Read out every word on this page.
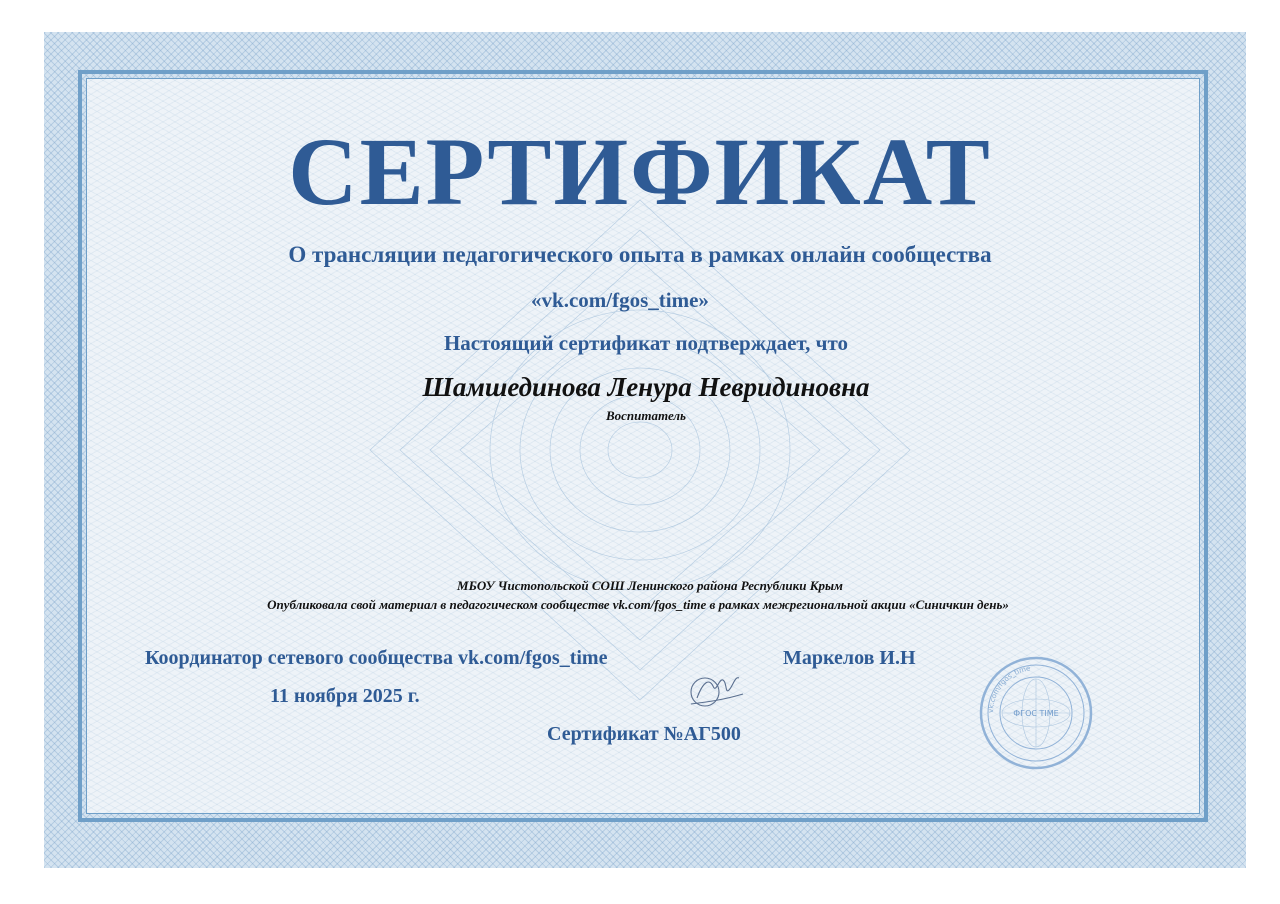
СЕРТИФИКАТ
О трансляции педагогического опыта в рамках онлайн сообщества
«vk.com/fgos_time»
Настоящий сертификат подтверждает, что
Шамшединова Ленура Невридиновна
Воспитатель
МБОУ Чистопольской СОШ Ленинского района Республики Крым
Опубликовала свой материал в педагогическом сообществе vk.com/fgos_time в рамках межрегиональной акции «Синичкин день»
Координатор сетевого сообщества vk.com/fgos_time	Маркелов И.Н
11 ноября 2025 г.
Сертификат №АГ500
vk.com/fgos_time
ФГОС TIME
